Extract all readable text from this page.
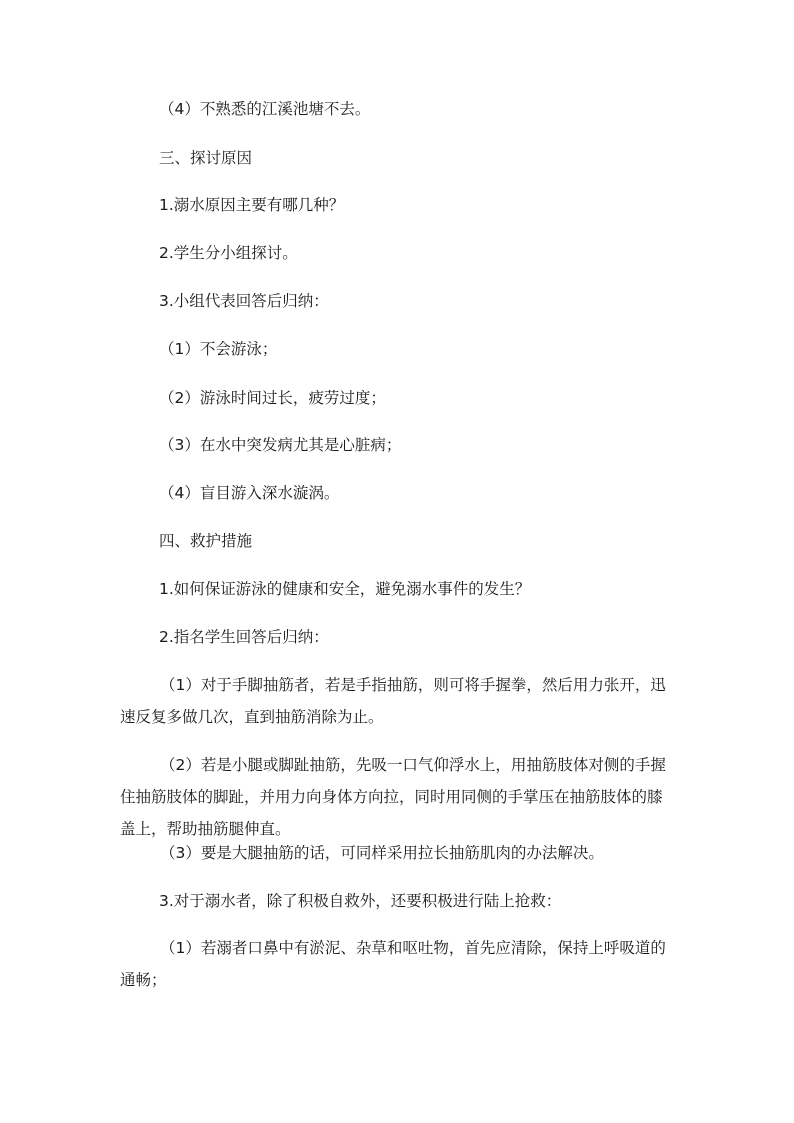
（4）不熟悉的江溪池塘不去。

三、探讨原因

1.溺水原因主要有哪几种？

2.学生分小组探讨。

3.小组代表回答后归纳：

（1）不会游泳；

（2）游泳时间过长，疲劳过度；

（3）在水中突发病尤其是心脏病；

（4）盲目游入深水漩涡。

四、救护措施

1.如何保证游泳的健康和安全，避免溺水事件的发生？

2.指名学生回答后归纳：

（1）对于手脚抽筋者，若是手指抽筋，则可将手握拳，然后用力张开，迅速反复多做几次，直到抽筋消除为止。

（2）若是小腿或脚趾抽筋，先吸一口气仰浮水上，用抽筋肢体对侧的手握住抽筋肢体的脚趾，并用力向身体方向拉，同时用同侧的手掌压在抽筋肢体的膝盖上，帮助抽筋腿伸直。

（3）要是大腿抽筋的话，可同样采用拉长抽筋肌肉的办法解决。

3.对于溺水者，除了积极自救外，还要积极进行陆上抢救：

（1）若溺者口鼻中有淤泥、杂草和呕吐物，首先应清除，保持上呼吸道的通畅；
